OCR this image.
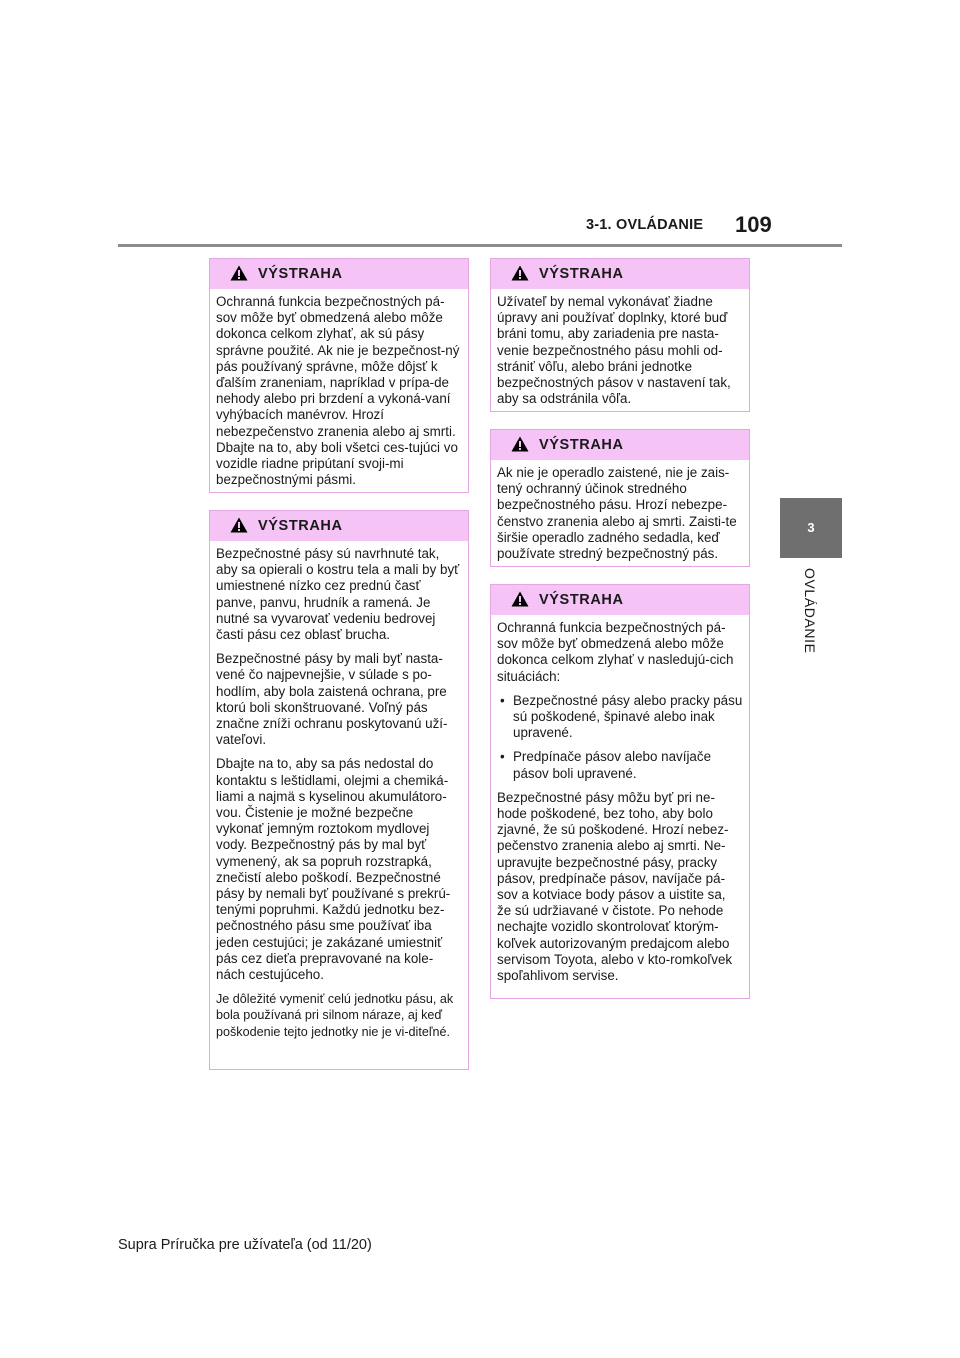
3-1. OVLÁDANIE 109
3
OVLÁDANIE
VÝSTRAHA

Ochranná funkcia bezpečnostných pá-sov môže byť obmedzená alebo môže dokonca celkom zlyhať, ak sú pásy správne použité. Ak nie je bezpečnost-ný pás používaný správne, môže dôjsť k ďalším zraneniam, napríklad v prípa-de nehody alebo pri brzdení a vykoná-vaní vyhýbacích manévrov. Hrozí nebezpečenstvo zranenia alebo aj smrti. Dbajte na to, aby boli všetci ces-tujúci vo vozidle riadne pripútaní svoji-mi bezpečnostnými pásmi.

VÝSTRAHA

Bezpečnostné pásy sú navrhnuté tak, aby sa opierali o kostru tela a mali by byť umiestnené nízko cez prednú časť panve, panvu, hrudník a ramená. Je nutné sa vyvarovať vedeniu bedrovej časti pásu cez oblasť brucha.

Bezpečnostné pásy by mali byť nasta-vené čo najpevnejšie, v súlade s po-hodlím, aby bola zaistená ochrana, pre ktorú boli skonštruované. Voľný pás značne zníži ochranu poskytovanú uží-vateľovi.

Dbajte na to, aby sa pás nedostal do kontaktu s leštidlami, olejmi a chemiká-liami a najmä s kyselinou akumulátoro-vou. Čistenie je možné bezpečne vykonať jemným roztokom mydlovej vody. Bezpečnostný pás by mal byť vymenený, ak sa popruh rozstrapká, znečistí alebo poškodí. Bezpečnostné pásy by nemali byť používané s prekrú-tenými popruhmi. Každú jednotku bez-pečnostného pásu sme používať iba jeden cestujúci; je zakázané umiestniť pás cez dieťa prepravované na kole-nách cestujúceho.

Je dôležité vymeniť celú jednotku pásu, ak bola používaná pri silnom náraze, aj keď poškodenie tejto jednotky nie je vi-diteľné.

VÝSTRAHA

Užívateľ by nemal vykonávať žiadne úpravy ani používať doplnky, ktoré buď bráni tomu, aby zariadenia pre nasta-venie bezpečnostného pásu mohli od-strániť vôľu, alebo bráni jednotke bezpečnostných pásov v nastavení tak, aby sa odstránila vôľa.

VÝSTRAHA

Ak nie je operadlo zaistené, nie je zais-tený ochranný účinok stredného bezpečnostného pásu. Hrozí nebezpe-čenstvo zranenia alebo aj smrti. Zaisti-te širšie operadlo zadného sedadla, keď používate stredný bezpečnostný pás.

VÝSTRAHA

Ochranná funkcia bezpečnostných pá-sov môže byť obmedzená alebo môže dokonca celkom zlyhať v nasledujú-cich situáciách:

• Bezpečnostné pásy alebo pracky pásu sú poškodené, špinavé alebo inak upravené.
• Predpínače pásov alebo navíjače pásov boli upravené.

Bezpečnostné pásy môžu byť pri ne-hode poškodené, bez toho, aby bolo zjavné, že sú poškodené. Hrozí nebez-pečenstvo zranenia alebo aj smrti. Ne-upravujte bezpečnostné pásy, pracky pásov, predpínače pásov, navíjače pá-sov a kotviace body pásov a uistite sa, že sú udržiavané v čistote. Po nehode nechajte vozidlo skontrolovať ktorým-koľvek autorizovaným predajcom alebo servisom Toyota, alebo v kto-romkoľvek spoľahlivom servise.

Supra Príručka pre užívateľa (od 11/20)
